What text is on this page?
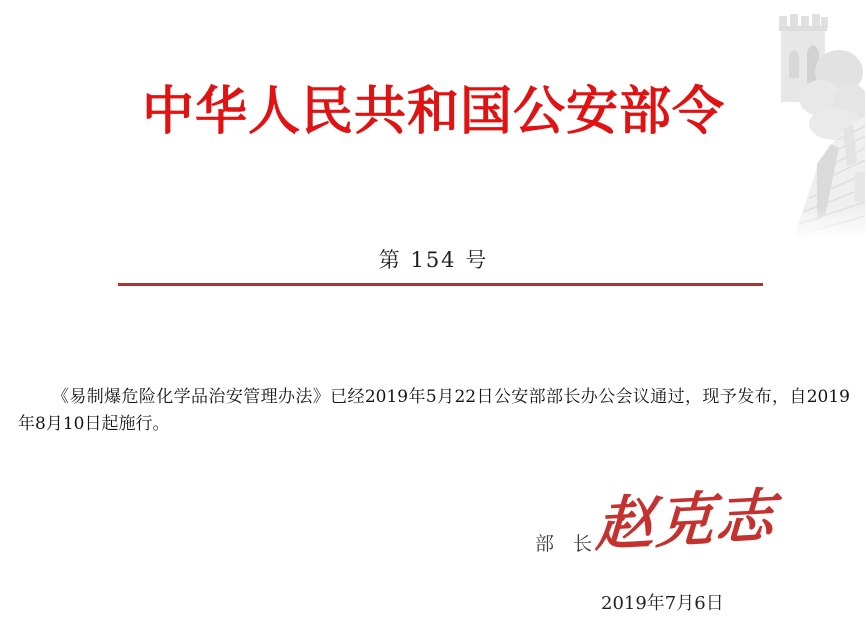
中华人民共和国公安部令
第 154 号

《易制爆危险化学品治安管理办法》已经2019年5月22日公安部部长办公会议通过，现予发布，自2019年8月10日起施行。

部　长 赵克志
2019年7月6日
